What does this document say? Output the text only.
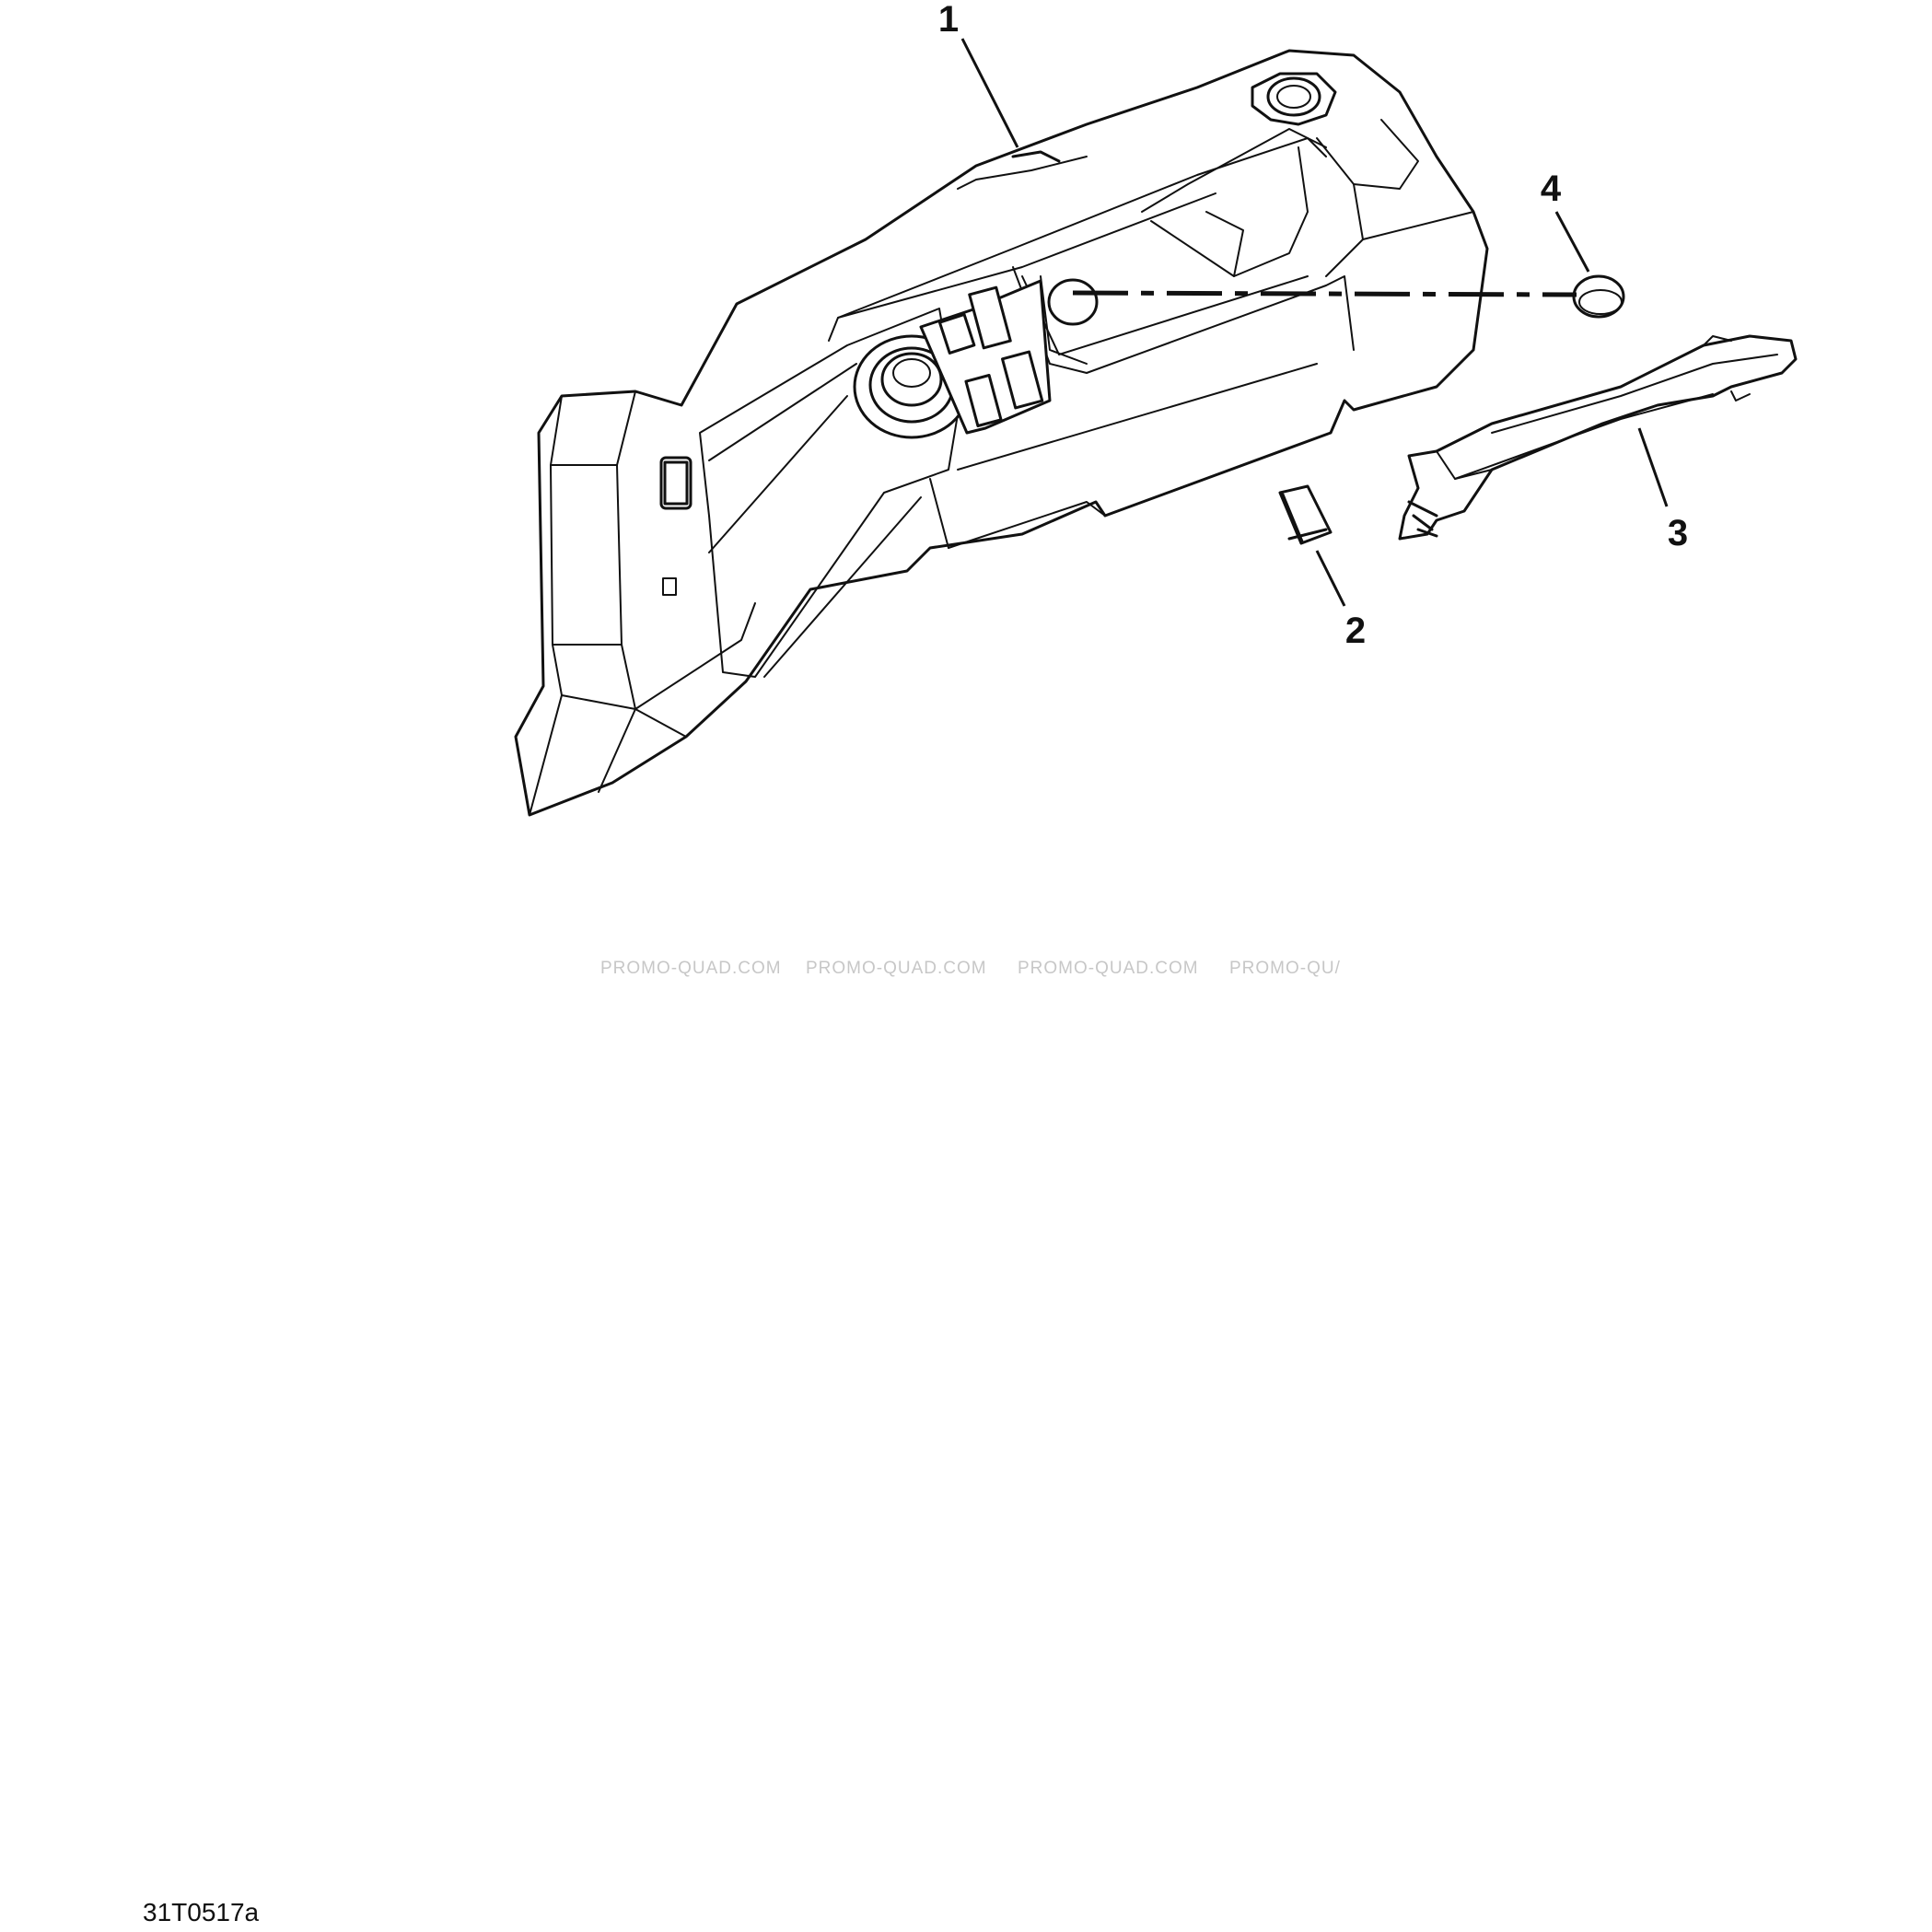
1
2
3
4
PROMO-QUAD.COM PROMO-QUAD.COM PROMO-QUAD.COM PROMO-QU/
31T0517a
